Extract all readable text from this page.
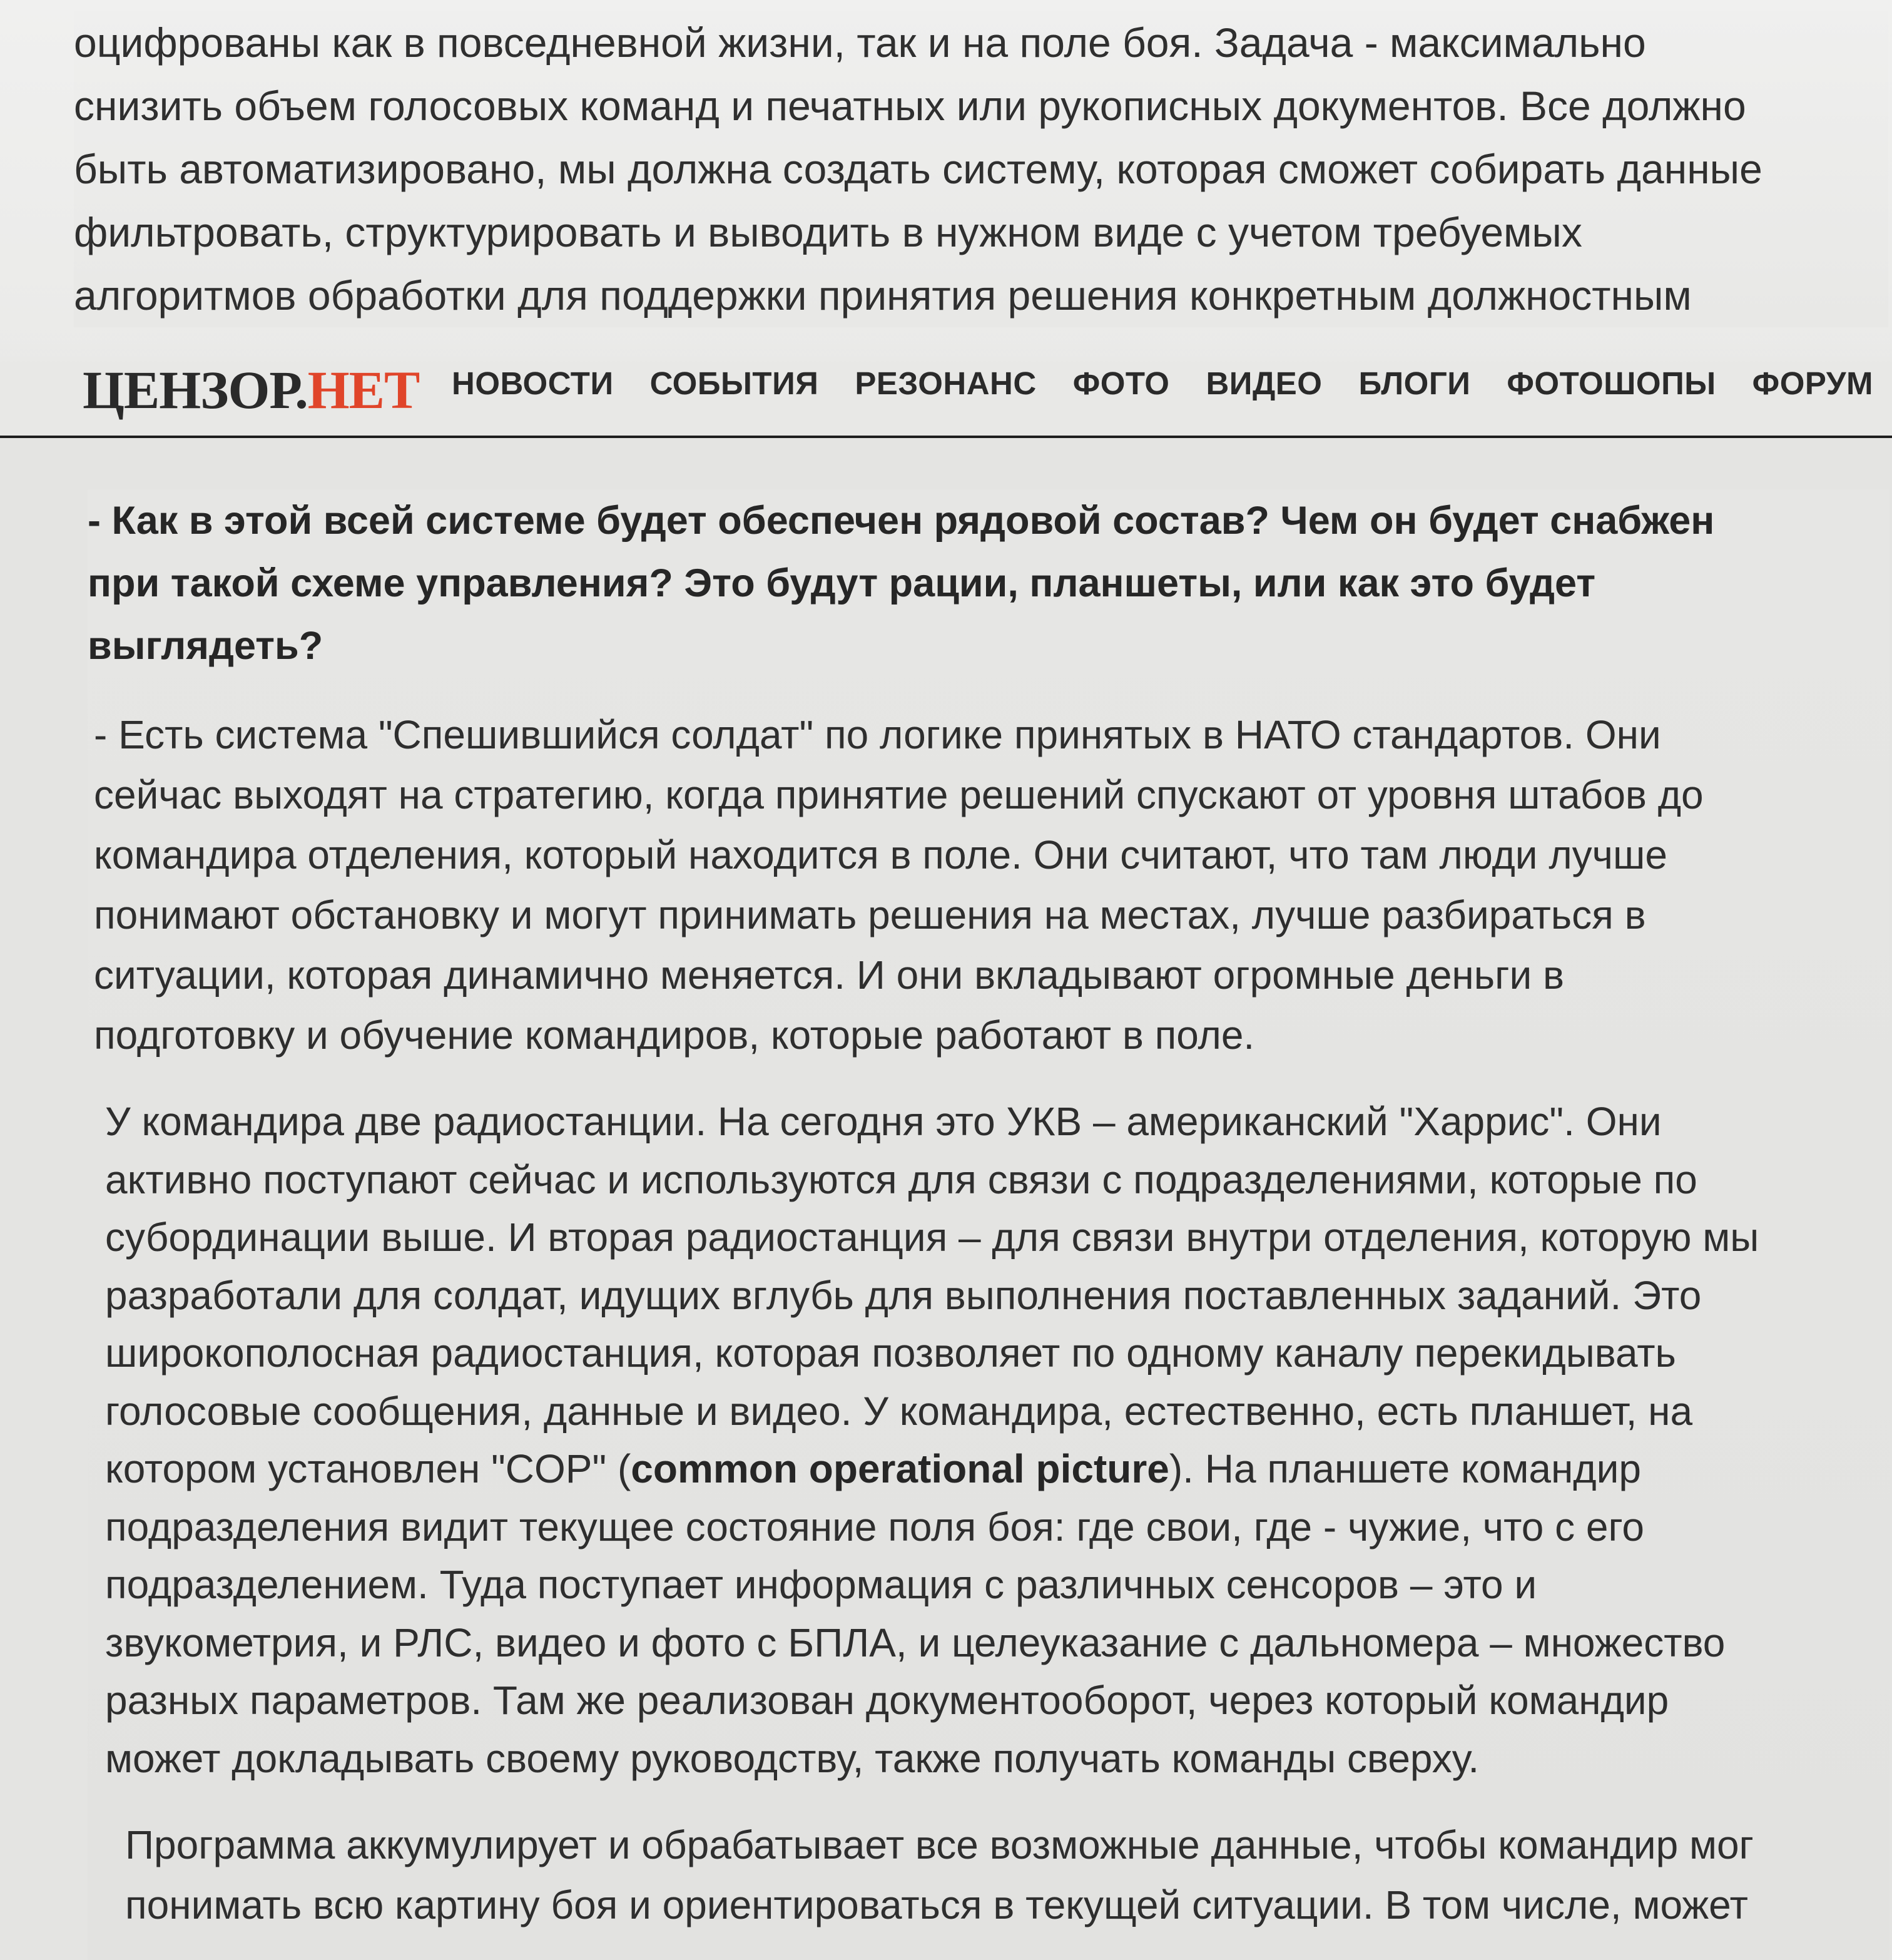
оцифрованы как в повседневной жизни, так и на поле боя. Задача - максимально

снизить объем голосовых команд и печатных или рукописных документов. Все должно

быть автоматизировано, мы должна создать систему, которая сможет собирать данные

фильтровать, структурировать и выводить в нужном виде с учетом требуемых

алгоритмов обработки для поддержки принятия решения конкретным должностным

ЦЕНЗОР.НЕТ НОВОСТИ СОБЫТИЯ РЕЗОНАНС ФОТО ВИДЕО БЛОГИ ФОТОШОПЫ ФОРУМ

- Как в этой всей системе будет обеспечен рядовой состав? Чем он будет снабжен
при такой схеме управления? Это будут рации, планшеты, или как это будет
выглядеть?

- Есть система "Спешившийся солдат" по логике принятых в НАТО стандартов. Они
сейчас выходят на стратегию, когда принятие решений спускают от уровня штабов до
командира отделения, который находится в поле. Они считают, что там люди лучше
понимают обстановку и могут принимать решения на местах, лучше разбираться в
ситуации, которая динамично меняется. И они вкладывают огромные деньги в
подготовку и обучение командиров, которые работают в поле.

У командира две радиостанции. На сегодня это УКВ – американский "Харрис". Они
активно поступают сейчас и используются для связи с подразделениями, которые по
субординации выше. И вторая радиостанция – для связи внутри отделения, которую мы
разработали для солдат, идущих вглубь для выполнения поставленных заданий. Это
широкополосная радиостанция, которая позволяет по одному каналу перекидывать
голосовые сообщения, данные и видео. У командира, естественно, есть планшет, на
котором установлен "COP" (common operational picture). На планшете командир
подразделения видит текущее состояние поля боя: где свои, где - чужие, что с его
подразделением. Туда поступает информация с различных сенсоров – это и
звукометрия, и РЛС, видео и фото с БПЛА, и целеуказание с дальномера – множество
разных параметров. Там же реализован документооборот, через который командир
может докладывать своему руководству, также получать команды сверху.

Программа аккумулирует и обрабатывает все возможные данные, чтобы командир мог
понимать всю картину боя и ориентироваться в текущей ситуации. В том числе, может
